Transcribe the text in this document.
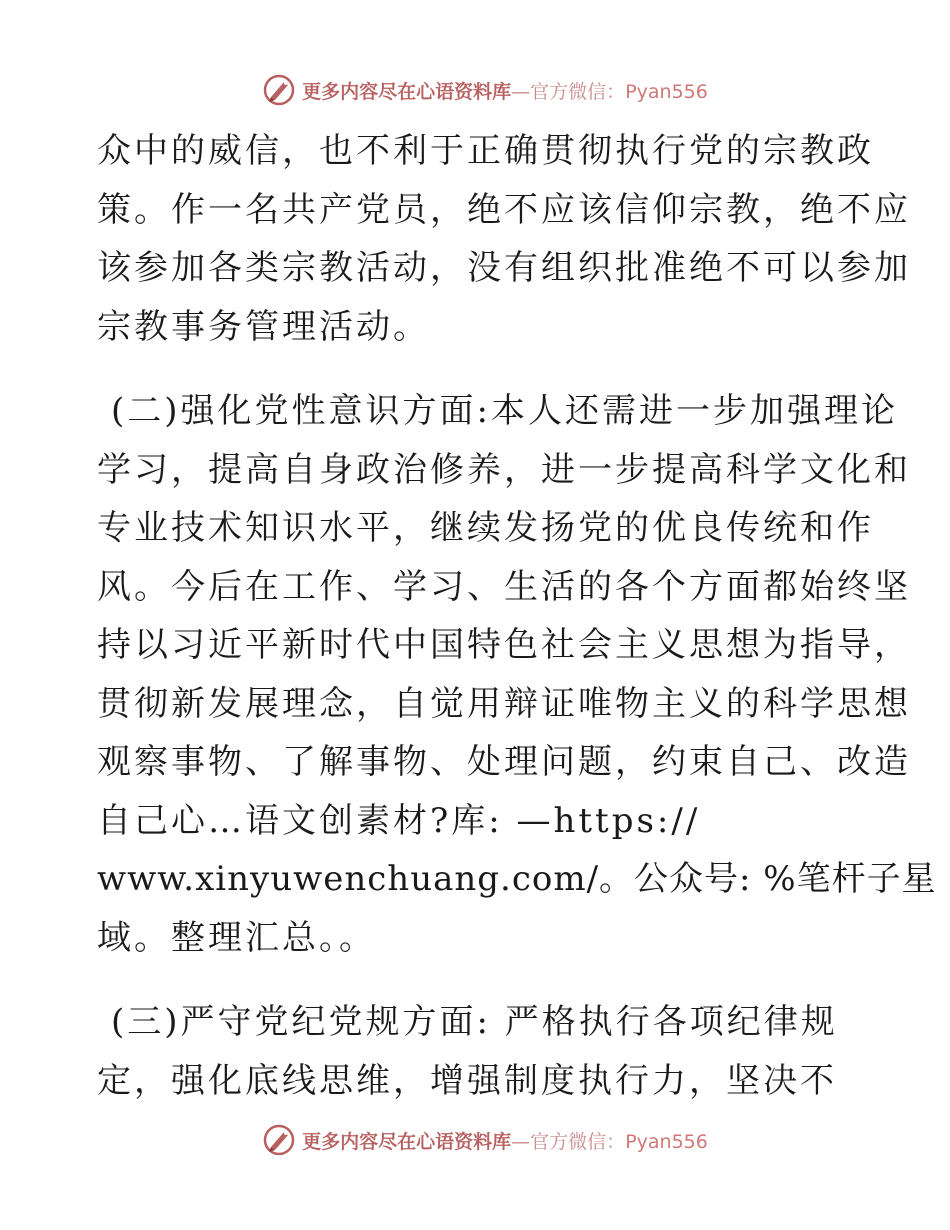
更多内容尽在心语资料库—官方微信：Pyan556
众中的威信，也不利于正确贯彻执行党的宗教政
策。作一名共产党员，绝不应该信仰宗教，绝不应
该参加各类宗教活动，没有组织批准绝不可以参加
宗教事务管理活动。
(二)强化党性意识方面:本人还需进一步加强理论
学习，提高自身政治修养，进一步提高科学文化和
专业技术知识水平，继续发扬党的优良传统和作
风。今后在工作、学习、生活的各个方面都始终坚
持以习近平新时代中国特色社会主义思想为指导，
贯彻新发展理念，自觉用辩证唯物主义的科学思想
观察事物、了解事物、处理问题，约束自己、改造
自己心…语文创素材?库: —https://
www.xinyuwenchuang.com/。公众号: %笔杆子星
域。整理汇总。。
(三)严守党纪党规方面: 严格执行各项纪律规
定，强化底线思维，增强制度执行力，坚决不
更多内容尽在心语资料库—官方微信：Pyan556
